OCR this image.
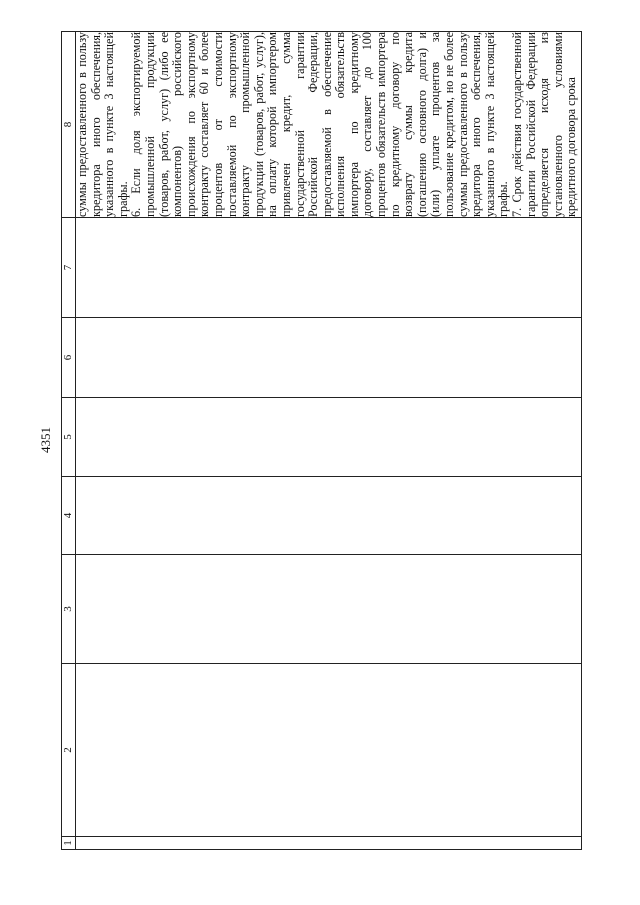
4351
1	2	3	4	5	6	7	8

							суммы предоставленного в пользу кредитора иного обеспечения, указанного в пункте 3 настоящей графы. 6. Если доля экспортируемой промышленной продукции (товаров, работ, услуг) (либо ее компонентов) российского происхождения по экспортному контракту составляет 60 и более процентов от стоимости поставляемой по экспортному контракту промышленной продукции (товаров, работ, услуг), на оплату которой импортером привлечен кредит, сумма государственной гарантии Российской Федерации, предоставляемой в обеспечение исполнения обязательств импортера по кредитному договору, составляет до 100 процентов обязательств импортера по кредитному договору по возврату суммы кредита (погашению основного долга) и (или) уплате процентов за пользование кредитом, но не более суммы предоставленного в пользу кредитора иного обеспечения, указанного в пункте 3 настоящей графы. 7. Срок действия государственной гарантии Российской Федерации определяется исходя из установленного условиями кредитного договора срока
